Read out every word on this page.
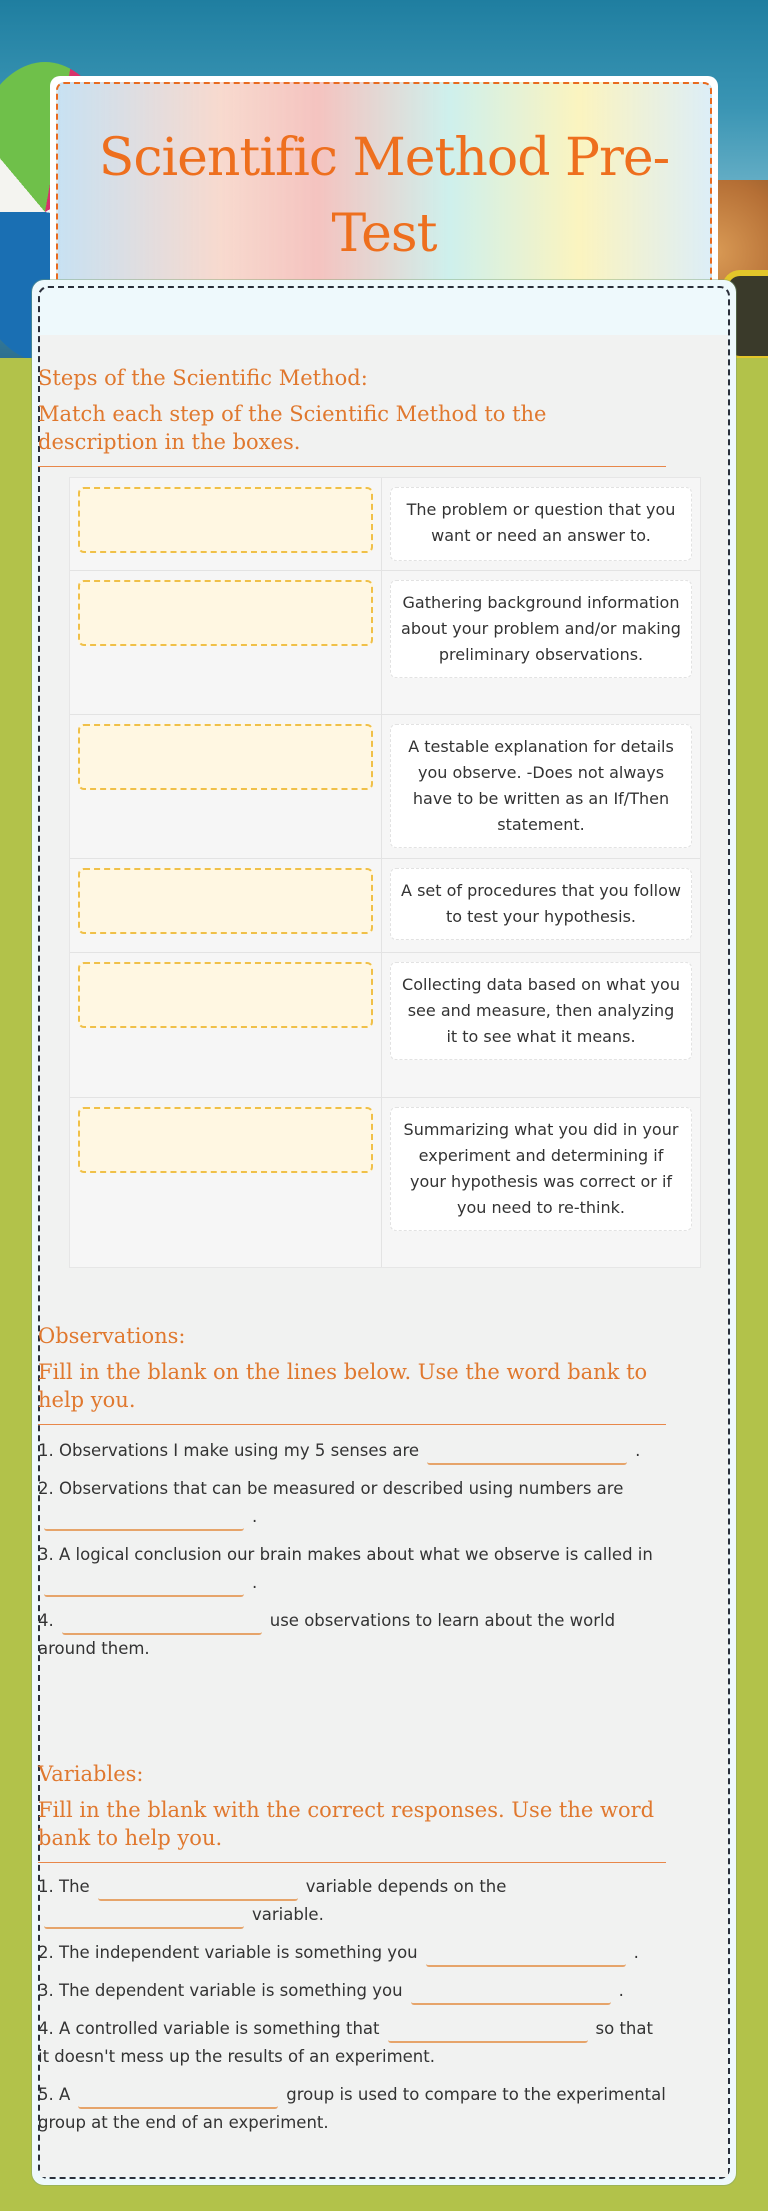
Scientific Method Pre-Test

Steps of the Scientific Method:

Match each step of the Scientific Method to the description in the boxes.

The problem or question that you want or need an answer to.
Gathering background information about your problem and/or making preliminary observations.
A testable explanation for details you observe. -Does not always have to be written as an If/Then statement.
A set of procedures that you follow to test your hypothesis.
Collecting data based on what you see and measure, then analyzing it to see what it means.
Summarizing what you did in your experiment and determining if your hypothesis was correct or if you need to re-think.

Observations:

Fill in the blank on the lines below. Use the word bank to help you.

1. Observations I make using my 5 senses are	.

2. Observations that can be measured or described using numbers are
.

3. A logical conclusion our brain makes about what we observe is called in
.

4.	use observations to learn about the world around them.

Variables:

Fill in the blank with the correct responses. Use the word bank to help you.

1. The	variable depends on the
variable.

2. The independent variable is something you	.

3. The dependent variable is something you	.

4. A controlled variable is something that	so that it doesn't mess up the results of an experiment.

5. A	group is used to compare to the experimental group at the end of an experiment.
